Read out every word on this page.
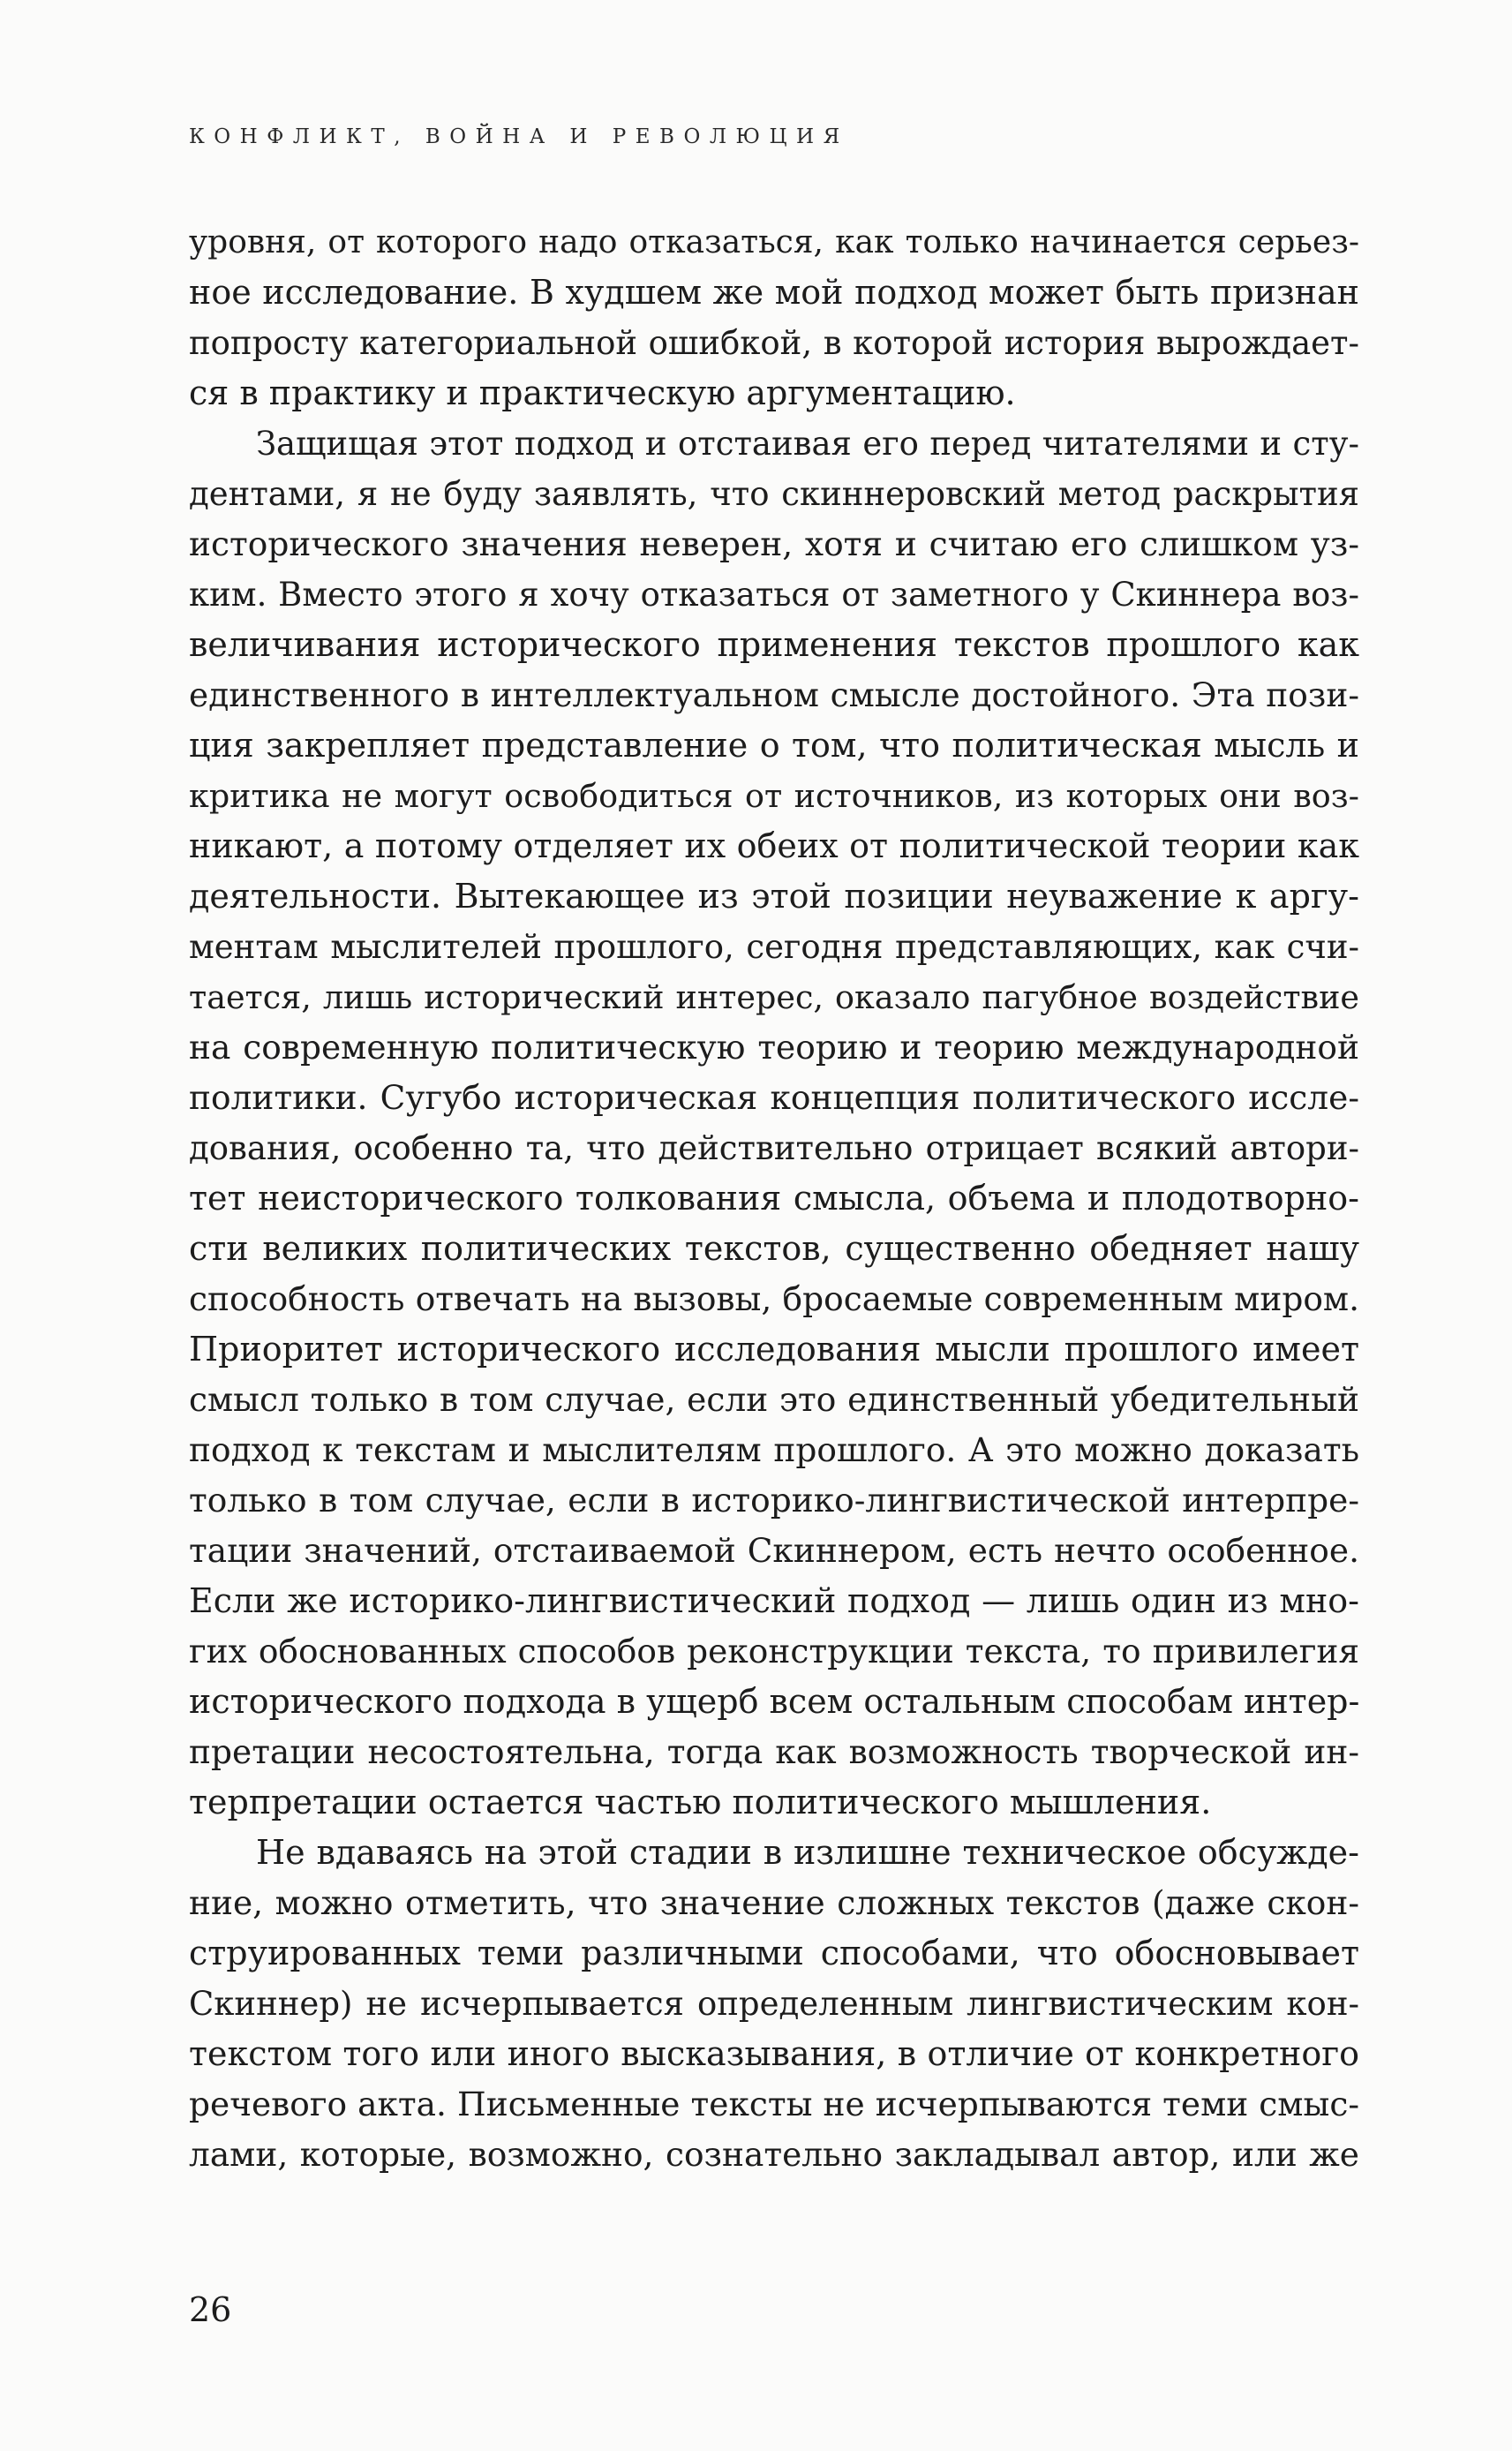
КОНФЛИКТ, ВОЙНА И РЕВОЛЮЦИЯ
уровня, от которого надо отказаться, как только начинается серьез-
ное исследование. В худшем же мой подход может быть признан
попросту категориальной ошибкой, в которой история вырождает-
ся в практику и практическую аргументацию.
Защищая этот подход и отстаивая его перед читателями и сту-
дентами, я не буду заявлять, что скиннеровский метод раскрытия
исторического значения неверен, хотя и считаю его слишком уз-
ким. Вместо этого я хочу отказаться от заметного у Скиннера воз-
величивания исторического применения текстов прошлого как
единственного в интеллектуальном смысле достойного. Эта пози-
ция закрепляет представление о том, что политическая мысль и
критика не могут освободиться от источников, из которых они воз-
никают, а потому отделяет их обеих от политической теории как
деятельности. Вытекающее из этой позиции неуважение к аргу-
ментам мыслителей прошлого, сегодня представляющих, как счи-
тается, лишь исторический интерес, оказало пагубное воздействие
на современную политическую теорию и теорию международной
политики. Сугубо историческая концепция политического иссле-
дования, особенно та, что действительно отрицает всякий автори-
тет неисторического толкования смысла, объема и плодотворно-
сти великих политических текстов, существенно обедняет нашу
способность отвечать на вызовы, бросаемые современным миром.
Приоритет исторического исследования мысли прошлого имеет
смысл только в том случае, если это единственный убедительный
подход к текстам и мыслителям прошлого. А это можно доказать
только в том случае, если в историко-лингвистической интерпре-
тации значений, отстаиваемой Скиннером, есть нечто особенное.
Если же историко-лингвистический подход — лишь один из мно-
гих обоснованных способов реконструкции текста, то привилегия
исторического подхода в ущерб всем остальным способам интер-
претации несостоятельна, тогда как возможность творческой ин-
терпретации остается частью политического мышления.
Не вдаваясь на этой стадии в излишне техническое обсужде-
ние, можно отметить, что значение сложных текстов (даже скон-
струированных теми различными способами, что обосновывает
Скиннер) не исчерпывается определенным лингвистическим кон-
текстом того или иного высказывания, в отличие от конкретного
речевого акта. Письменные тексты не исчерпываются теми смыс-
лами, которые, возможно, сознательно закладывал автор, или же
26
